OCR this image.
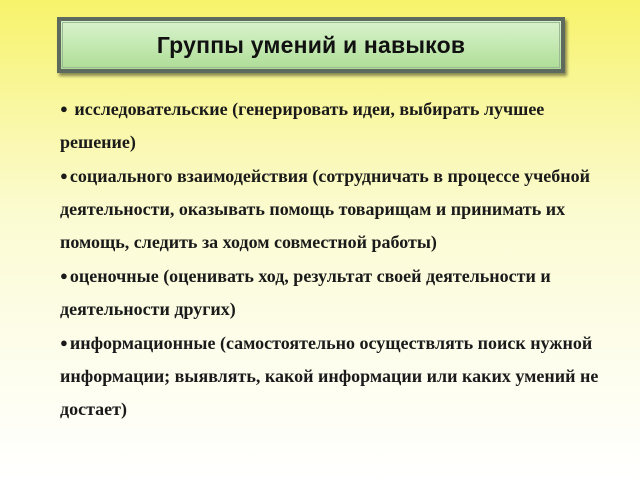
Группы умений и навыков

● исследовательские (генерировать идеи, выбирать лучшее решение)

● социального взаимодействия (сотрудничать в процессе учебной деятельности, оказывать помощь товарищам и принимать их помощь, следить за ходом совместной работы)

● оценочные (оценивать ход, результат своей деятельности и деятельности других)

● информационные (самостоятельно осуществлять поиск нужной информации; выявлять, какой информации или каких умений не достает)
